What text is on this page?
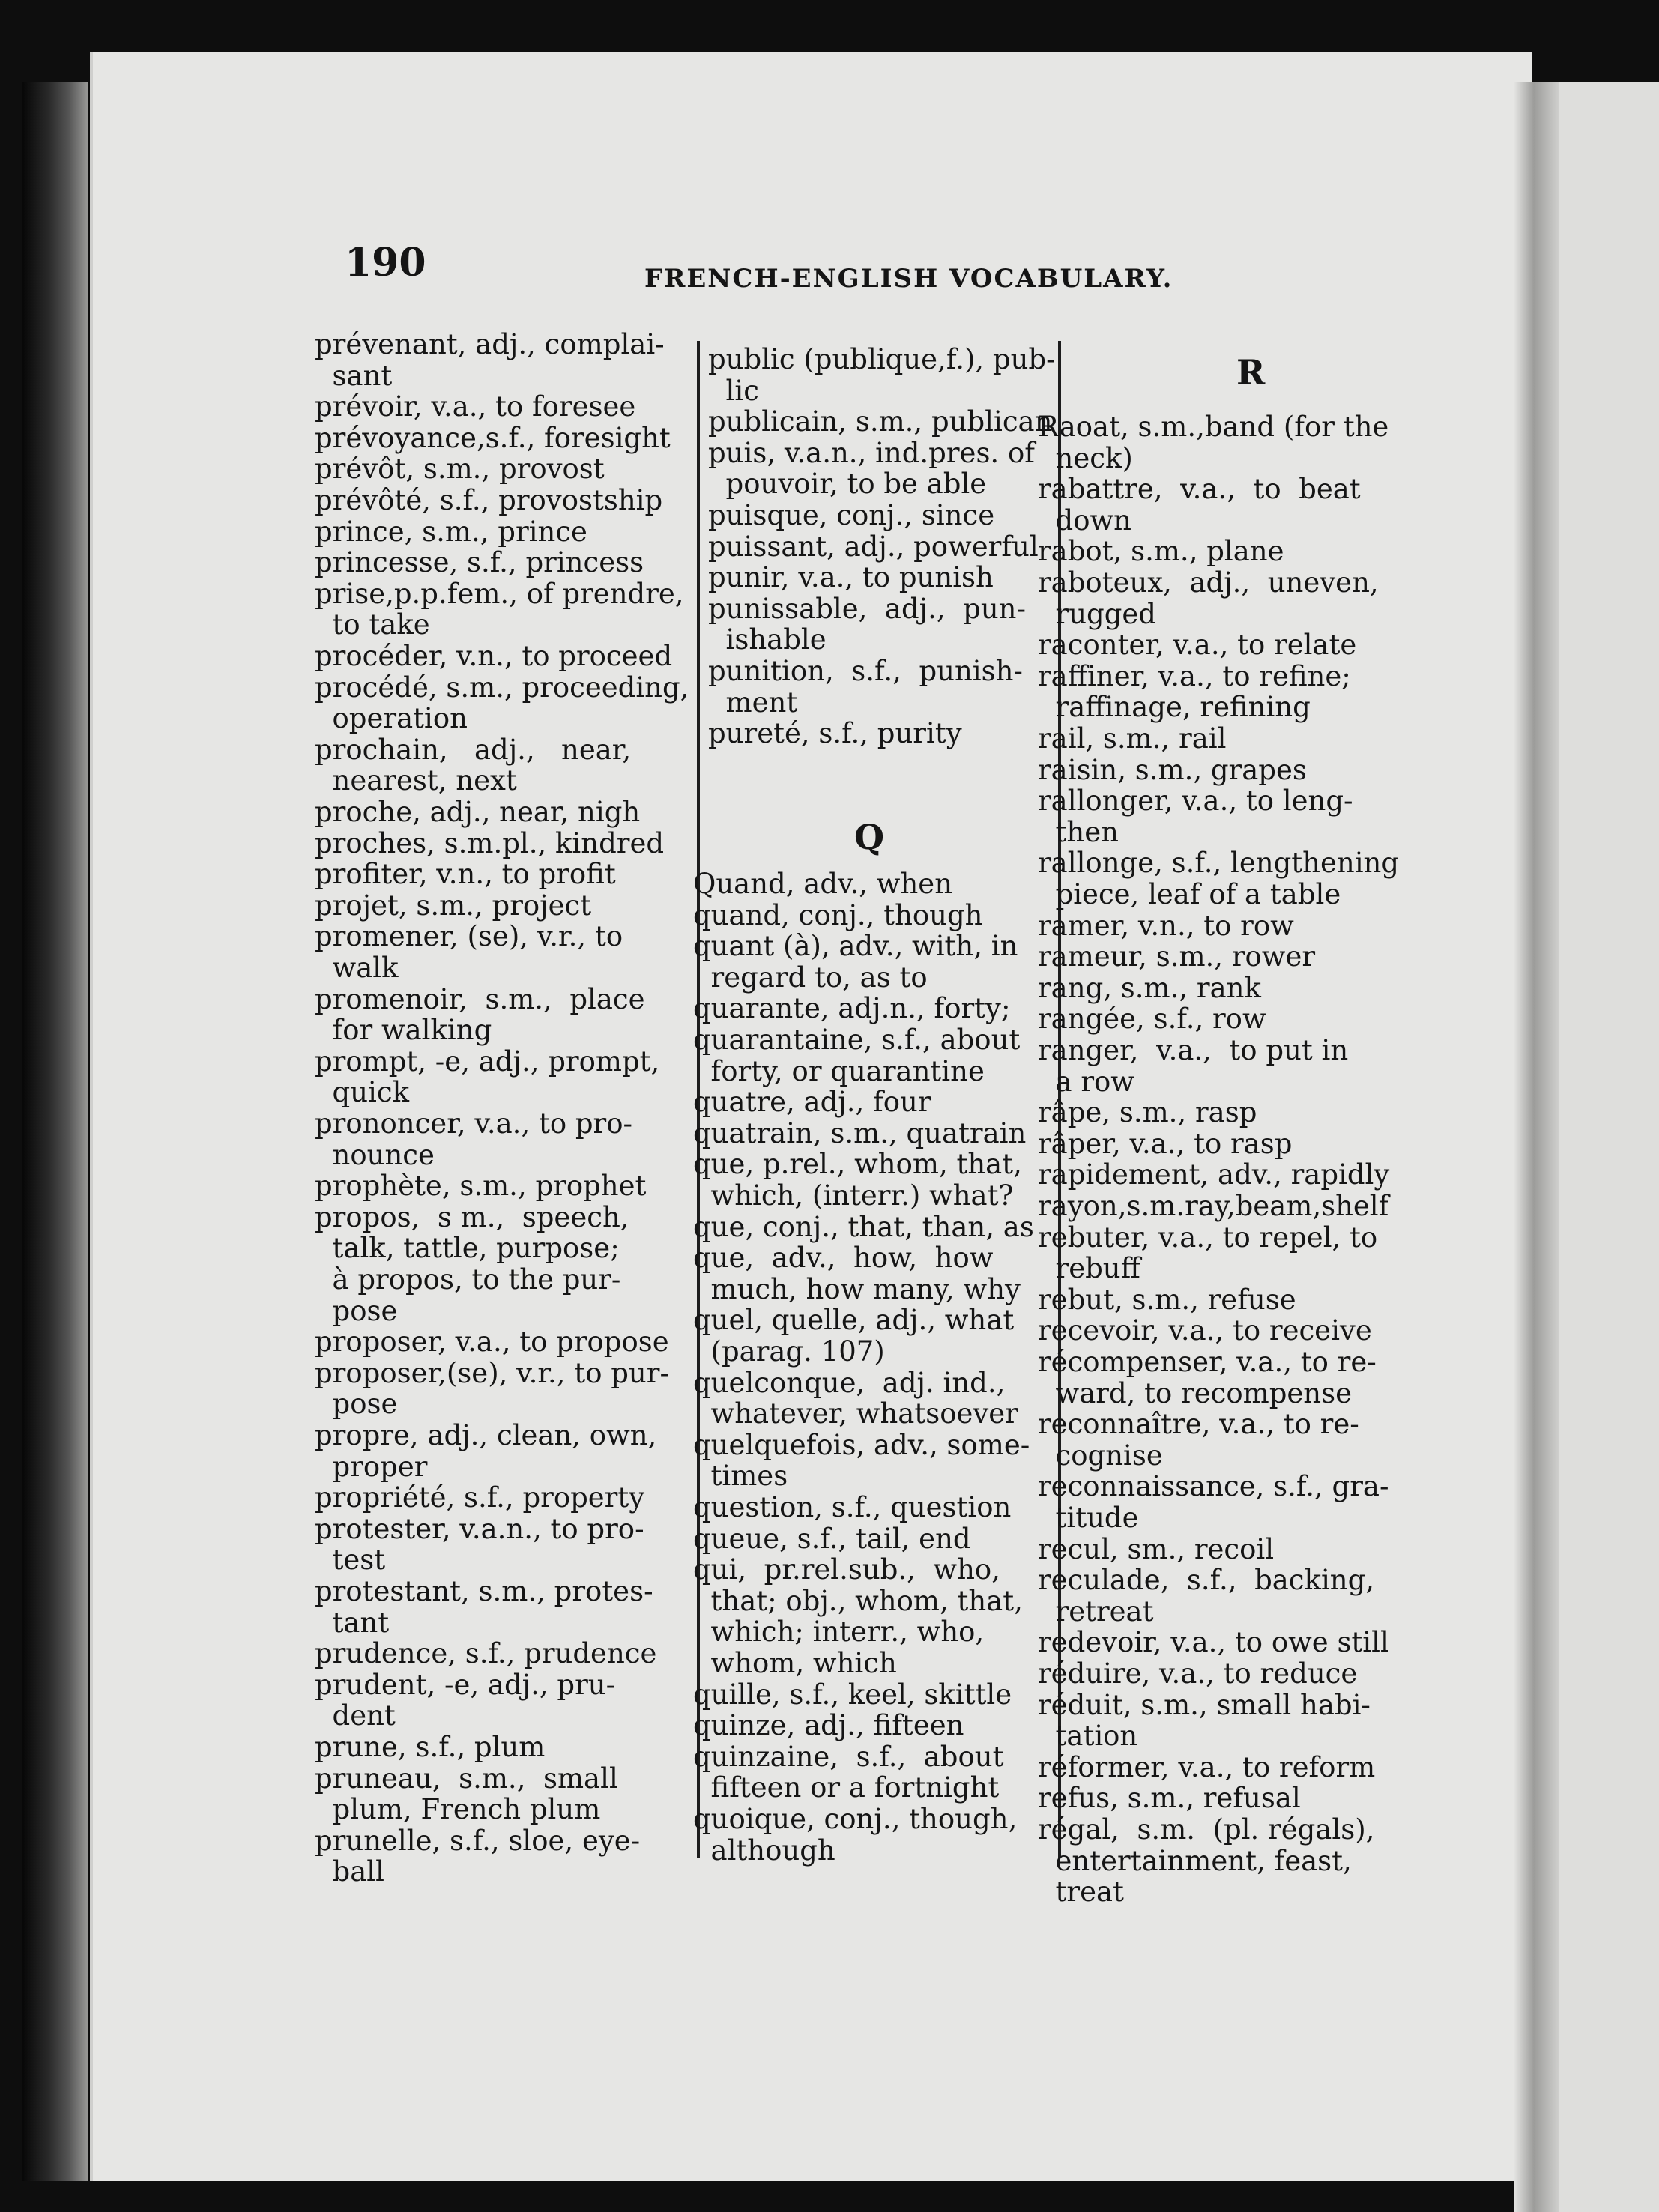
190	FRENCH-ENGLISH VOCABULARY.
prévenant, adj., complai-
sant
prévoir, v.a., to foresee
prévoyance,s.f., foresight
prévôt, s.m., provost
prévôté, s.f., provostship
prince, s.m., prince
princesse, s.f., princess
prise,p.p.fem., of prendre,
to take
procéder, v.n., to proceed
procédé, s.m., proceeding,
operation
prochain,   adj.,   near,
nearest, next
proche, adj., near, nigh
proches, s.m.pl., kindred
profiter, v.n., to profit
projet, s.m., project
promener, (se), v.r., to
walk
promenoir,  s.m.,  place
for walking
prompt, -e, adj., prompt,
quick
prononcer, v.a., to pro-
nounce
prophète, s.m., prophet
propos,  s m.,  speech,
talk, tattle, purpose;
à propos, to the pur-
pose
proposer, v.a., to propose
proposer,(se), v.r., to pur-
pose
propre, adj., clean, own,
proper
propriété, s.f., property
protester, v.a.n., to pro-
test
protestant, s.m., protes-
tant
prudence, s.f., prudence
prudent, -e, adj., pru-
dent
prune, s.f., plum
pruneau,  s.m.,  small
plum, French plum
prunelle, s.f., sloe, eye-
ball
public (publique,f.), pub-
lic
publicain, s.m., publican
puis, v.a.n., ind.pres. of
pouvoir, to be able
puisque, conj., since
puissant, adj., powerful
punir, v.a., to punish
punissable,  adj.,  pun-
ishable
punition,  s.f.,  punish-
ment
pureté, s.f., purity
Q
Quand, adv., when
quand, conj., though
quant (à), adv., with, in
regard to, as to
quarante, adj.n., forty;
quarantaine, s.f., about
forty, or quarantine
quatre, adj., four
quatrain, s.m., quatrain
que, p.rel., whom, that,
which, (interr.) what?
que, conj., that, than, as
que,  adv.,  how,  how
much, how many, why
quel, quelle, adj., what
(parag. 107)
quelconque,  adj. ind.,
whatever, whatsoever
quelquefois, adv., some-
times
question, s.f., question
queue, s.f., tail, end
qui,  pr.rel.sub.,  who,
that; obj., whom, that,
which; interr., who,
whom, which
quille, s.f., keel, skittle
quinze, adj., fifteen
quinzaine,  s.f.,  about
fifteen or a fortnight
quoique, conj., though,
although
R
Raoat, s.m.,band (for the
neck)
rabattre,  v.a.,  to  beat
down
rabot, s.m., plane
raboteux,  adj.,  uneven,
rugged
raconter, v.a., to relate
raffiner, v.a., to refine;
raffinage, refining
rail, s.m., rail
raisin, s.m., grapes
rallonger, v.a., to leng-
then
rallonge, s.f., lengthening
piece, leaf of a table
ramer, v.n., to row
rameur, s.m., rower
rang, s.m., rank
rangée, s.f., row
ranger,  v.a.,  to put in
a row
râpe, s.m., rasp
râper, v.a., to rasp
rapidement, adv., rapidly
rayon,s.m.ray,beam,shelf
rebuter, v.a., to repel, to
rebuff
rebut, s.m., refuse
recevoir, v.a., to receive
récompenser, v.a., to re-
ward, to recompense
reconnaître, v.a., to re-
cognise
reconnaissance, s.f., gra-
titude
recul, sm., recoil
reculade,  s.f.,  backing,
retreat
redevoir, v.a., to owe still
réduire, v.a., to reduce
réduit, s.m., small habi-
tation
réformer, v.a., to reform
refus, s.m., refusal
régal,  s.m.  (pl. régals),
entertainment, feast,
treat
